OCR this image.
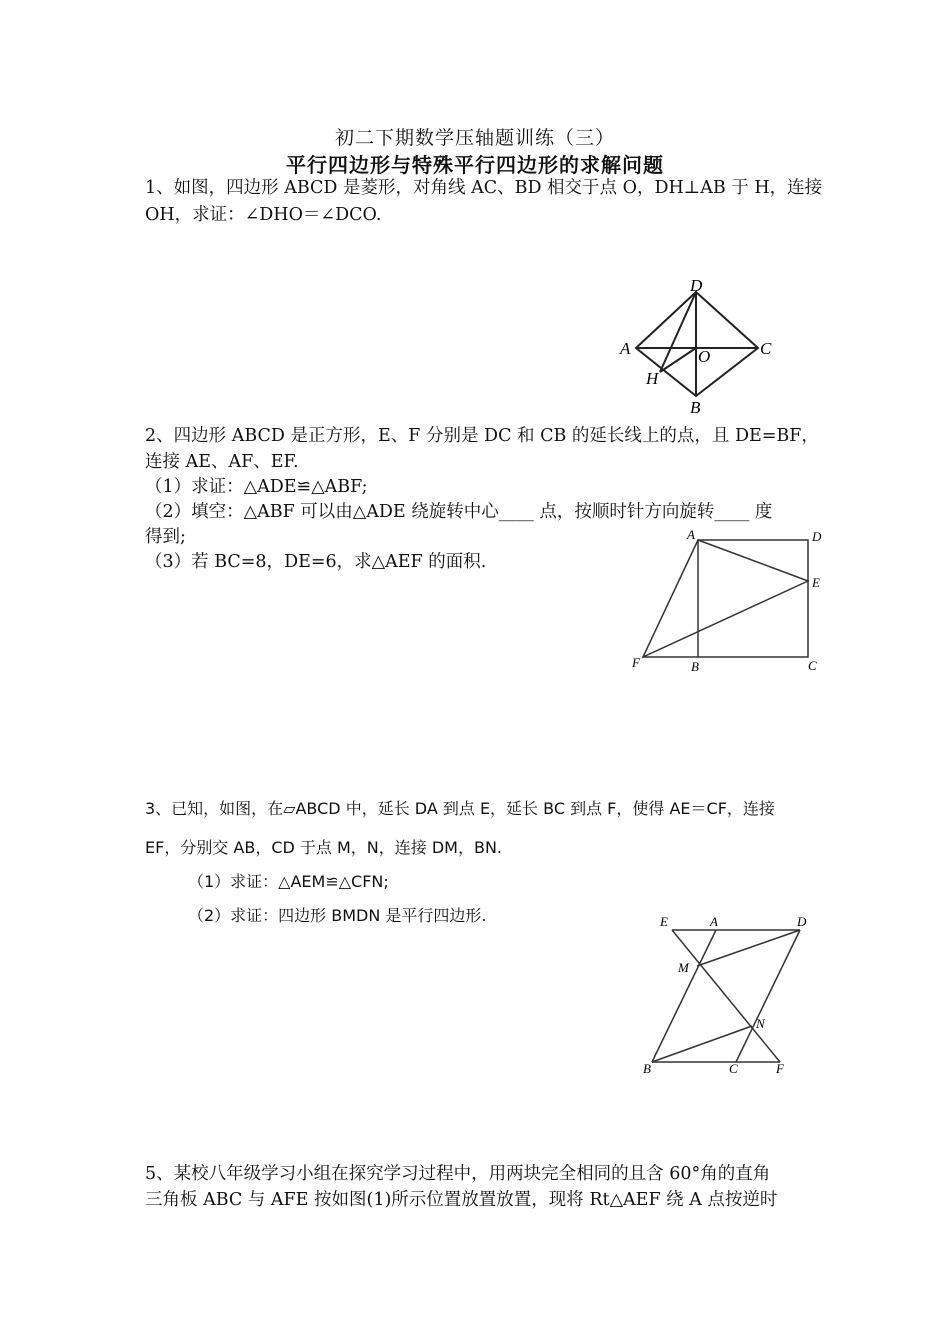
初二下期数学压轴题训练（三）
平行四边形与特殊平行四边形的求解问题
1、如图，四边形 ABCD 是菱形，对角线 AC、BD 相交于点 O，DH⊥AB 于 H，连接
OH，求证：∠DHO＝∠DCO.
D
A	C
B
H
O
2、四边形 ABCD 是正方形，E、F 分别是 DC 和 CB 的延长线上的点，且 DE=BF，
连接 AE、AF、EF.
（1）求证：△ADE≌△ABF;
（2）填空：△ABF 可以由△ADE 绕旋转中心____ 点，按顺时针方向旋转____ 度
得到;
（3）若 BC=8，DE=6，求△AEF 的面积.
A	D
E
F	B	C
3、已知，如图，在▱ABCD 中，延长 DA 到点 E，延长 BC 到点 F，使得 AE＝CF，连接
EF，分别交 AB，CD 于点 M，N，连接 DM，BN.
（1）求证：△AEM≌△CFN;
（2）求证：四边形 BMDN 是平行四边形.	E	A	D
M
N
B	C	F
5、某校八年级学习小组在探究学习过程中，用两块完全相同的且含 60°角的直角
三角板 ABC 与 AFE 按如图(1)所示位置放置放置，现将 Rt△AEF 绕 A 点按逆时
